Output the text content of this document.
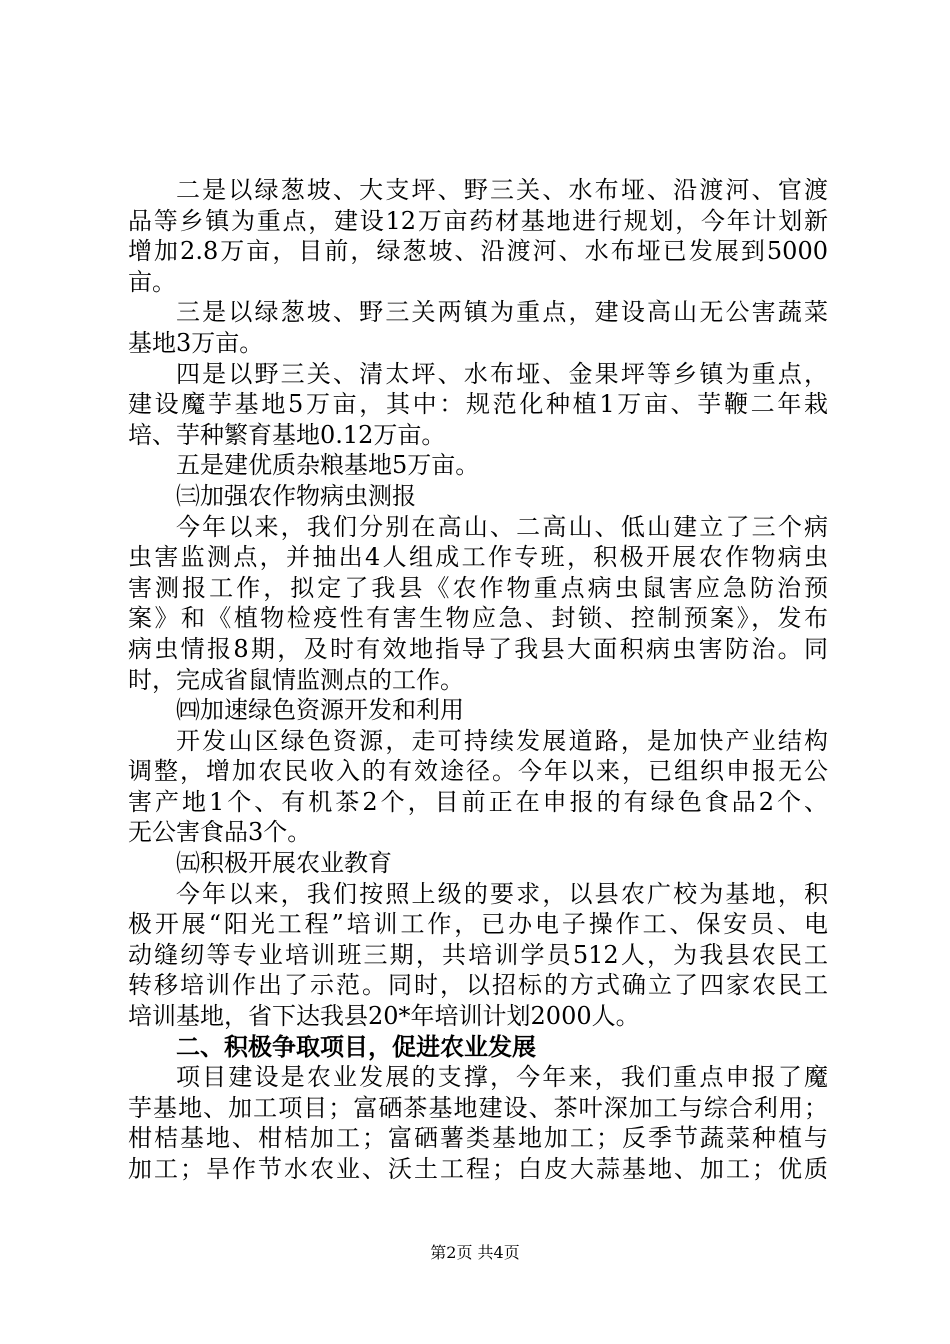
二是以绿葱坡、大支坪、野三关、水布垭、沿渡河、官渡
品等乡镇为重点，建设12万亩药材基地进行规划，今年计划新
增加2.8万亩，目前，绿葱坡、沿渡河、水布垭已发展到5000
亩。
三是以绿葱坡、野三关两镇为重点，建设高山无公害蔬菜
基地3万亩。
四是以野三关、清太坪、水布垭、金果坪等乡镇为重点，
建设魔芋基地5万亩，其中：规范化种植1万亩、芋鞭二年栽
培、芋种繁育基地0.12万亩。
五是建优质杂粮基地5万亩。
㈢加强农作物病虫测报
今年以来，我们分别在高山、二高山、低山建立了三个病
虫害监测点，并抽出4人组成工作专班，积极开展农作物病虫
害测报工作，拟定了我县《农作物重点病虫鼠害应急防治预
案》和《植物检疫性有害生物应急、封锁、控制预案》，发布
病虫情报8期，及时有效地指导了我县大面积病虫害防治。同
时，完成省鼠情监测点的工作。
㈣加速绿色资源开发和利用
开发山区绿色资源，走可持续发展道路，是加快产业结构
调整，增加农民收入的有效途径。今年以来，已组织申报无公
害产地1个、有机茶2个，目前正在申报的有绿色食品2个、
无公害食品3个。
㈤积极开展农业教育
今年以来，我们按照上级的要求，以县农广校为基地，积
极开展“阳光工程”培训工作，已办电子操作工、保安员、电
动缝纫等专业培训班三期，共培训学员512人，为我县农民工
转移培训作出了示范。同时，以招标的方式确立了四家农民工
培训基地，省下达我县20*年培训计划2000人。
二、积极争取项目，促进农业发展
项目建设是农业发展的支撑，今年来，我们重点申报了魔
芋基地、加工项目；富硒茶基地建设、茶叶深加工与综合利用；
柑桔基地、柑桔加工；富硒薯类基地加工；反季节蔬菜种植与
加工；旱作节水农业、沃土工程；白皮大蒜基地、加工；优质
第2页 共4页
